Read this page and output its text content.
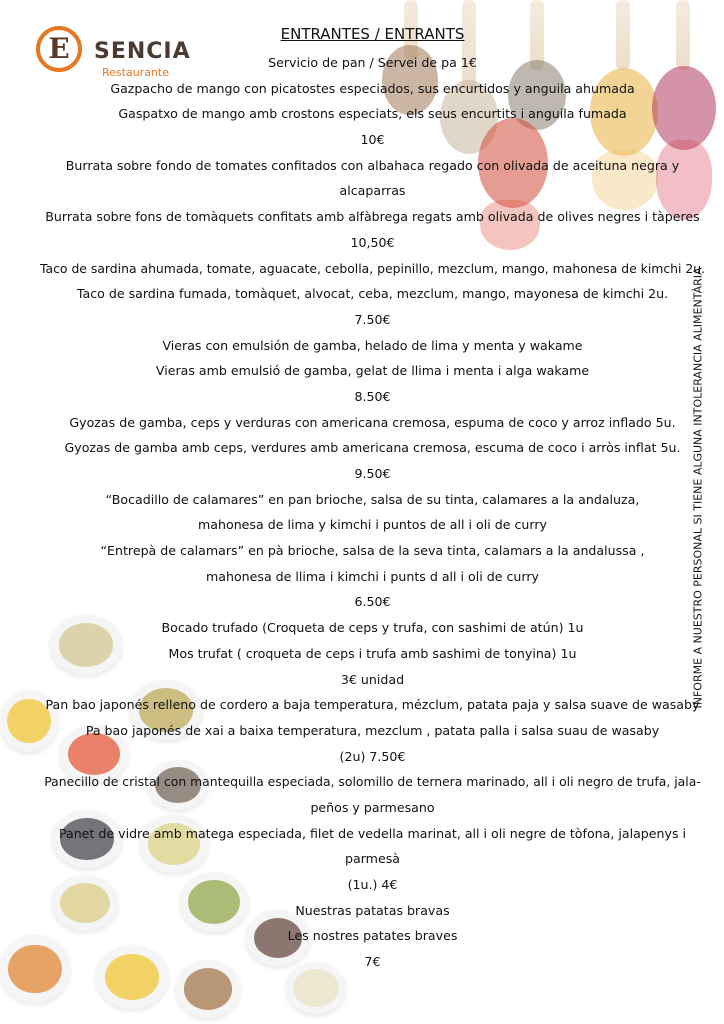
E	SENCIA
Restaurante
ENTRANTES / ENTRANTS
Servicio de pan / Servei de pa 1€
Gazpacho de mango con picatostes especiados, sus encurtidos y anguila ahumada
Gaspatxo de mango amb crostons especiats, els seus encurtits i anguila fumada
10€
Burrata sobre fondo de tomates confitados con albahaca regado con olivada de aceituna negra y
alcaparras
Burrata sobre fons de tomàquets confitats amb alfàbrega regats amb olivada de olives negres i tàperes
10,50€
Taco de sardina ahumada, tomate, aguacate, cebolla, pepinillo, mezclum, mango, mahonesa de kimchi 2u.
Taco de sardina fumada, tomàquet, alvocat, ceba, mezclum, mango, mayonesa de kimchi 2u.
7.50€
Vieras con emulsión de gamba, helado de lima y menta y wakame
Vieras amb emulsió de gamba, gelat de llima i menta i alga wakame
8.50€
Gyozas de gamba, ceps y verduras con americana cremosa, espuma de coco y arroz inflado 5u.
Gyozas de gamba amb ceps, verdures amb americana cremosa, escuma de coco i arròs inflat 5u.
9.50€
“Bocadillo de calamares” en pan brioche, salsa de su tinta, calamares a la andaluza,
mahonesa de lima y kimchi i puntos de all i oli de curry
“Entrepà de calamars” en pà brioche, salsa de la seva tinta, calamars a la andalussa ,
mahonesa de llima i kimchi i punts d all i oli de curry
6.50€
Bocado trufado (Croqueta de ceps y trufa, con sashimi de atún) 1u
Mos trufat ( croqueta de ceps i trufa amb sashimi de tonyina) 1u
3€ unidad
Pan bao japonés relleno de cordero a baja temperatura, mézclum, patata paja y salsa suave de wasaby
Pa bao japonés de xai a baixa temperatura, mezclum , patata palla i salsa suau de wasaby
(2u) 7.50€
Panecillo de cristal con mantequilla especiada, solomillo de ternera marinado, all i oli negro de trufa, jala-
peños y parmesano
Panet de vidre amb matega especiada, filet de vedella marinat, all i oli negre de tòfona, jalapenys i
parmesà
(1u.) 4€
Nuestras patatas bravas
Les nostres patates braves
7€
INFORME A NUESTRO PERSONAL SI TIENE ALGUNA INTOLERANCIA ALIMENTÀRIA
